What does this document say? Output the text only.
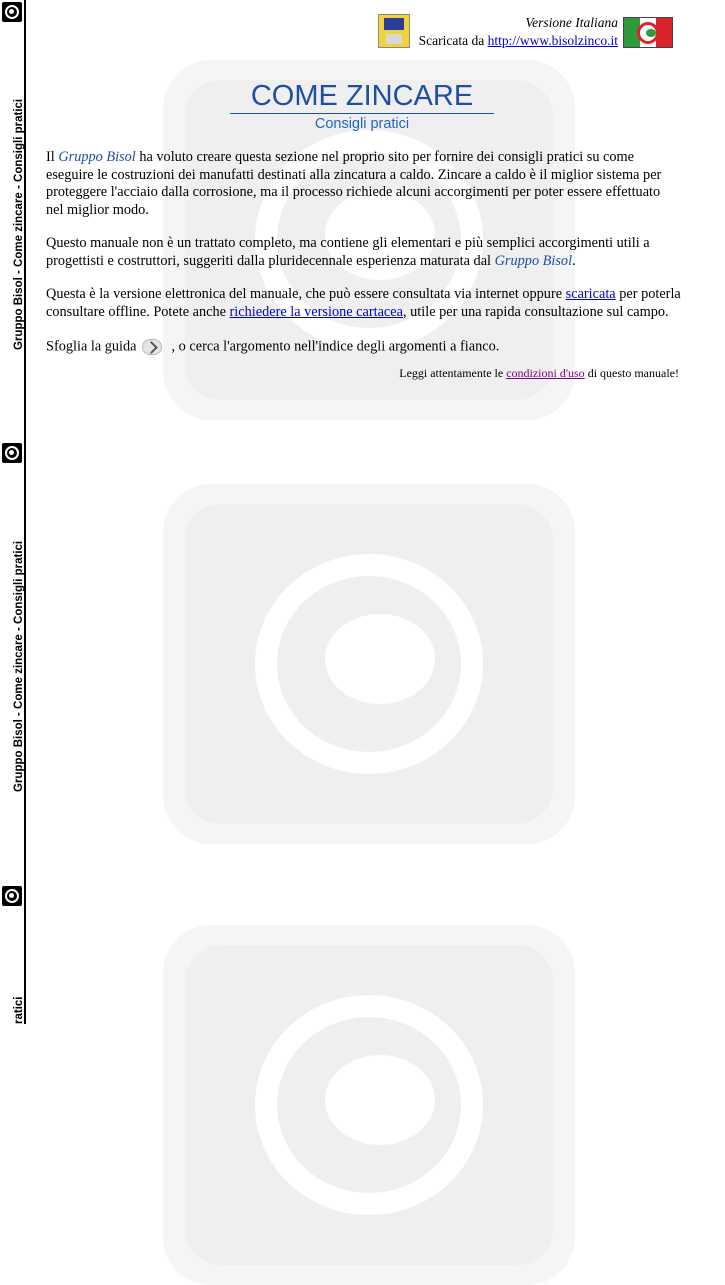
Gruppo Bisol - Come zincare - Consigli pratici
Gruppo Bisol - Come zincare - Consigli pratici
ratici
Versione Italiana
Scaricata da http://www.bisolzinco.it
COME ZINCARE
Consigli pratici

Il Gruppo Bisol ha voluto creare questa sezione nel proprio sito per fornire dei consigli pratici su come eseguire le costruzioni dei manufatti destinati alla zincatura a caldo. Zincare a caldo è il miglior sistema per proteggere l'acciaio dalla corrosione, ma il processo richiede alcuni accorgimenti per poter essere effettuato nel miglior modo.

Questo manuale non è un trattato completo, ma contiene gli elementari e più semplici accorgimenti utili a progettisti e costruttori, suggeriti dalla pluridecennale esperienza maturata dal Gruppo Bisol.

Questa è la versione elettronica del manuale, che può essere consultata via internet oppure scaricata per poterla consultare offline. Potete anche richiedere la versione cartacea, utile per una rapida consultazione sul campo.

Sfoglia la guida , o cerca l'argomento nell'indice degli argomenti a fianco.

Leggi attentamente le condizioni d'uso di questo manuale!
